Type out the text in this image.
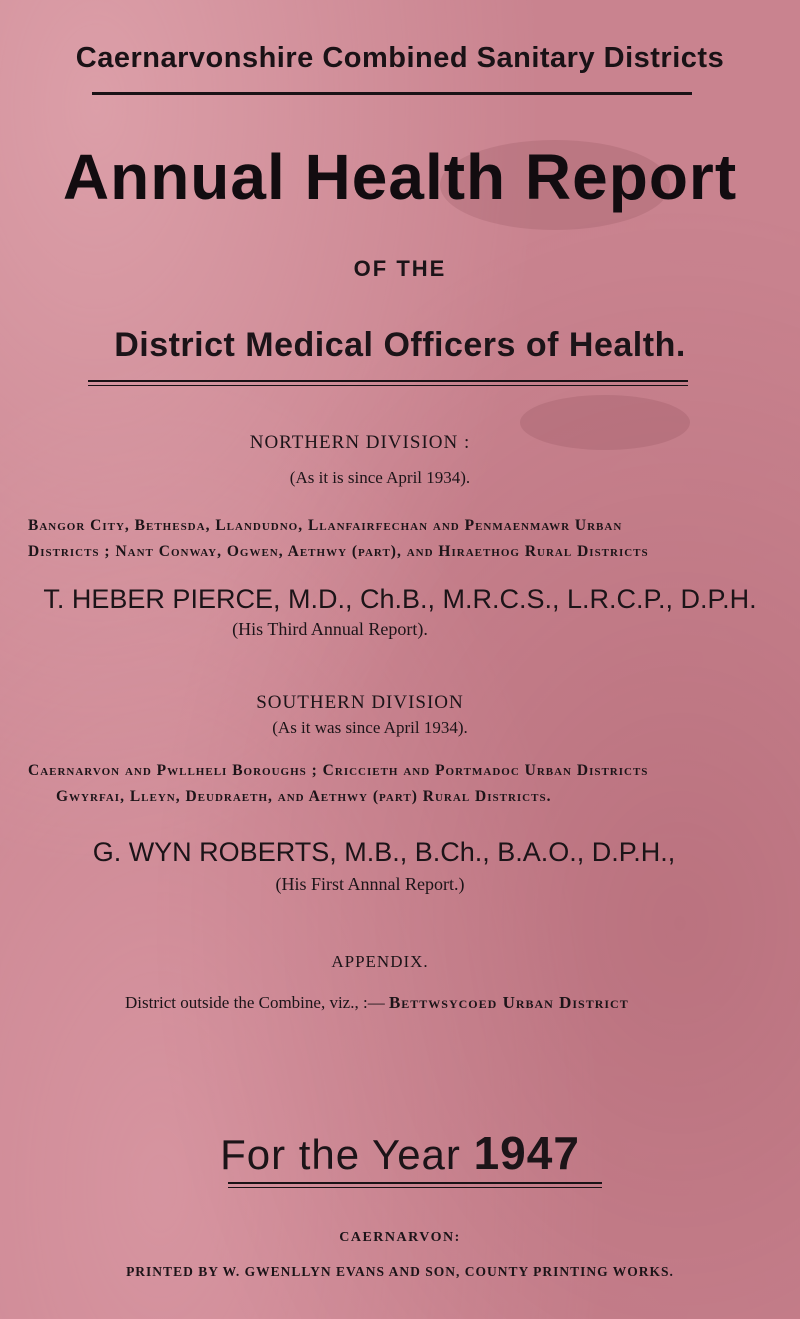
Caernarvonshire Combined Sanitary Districts
Annual Health Report
OF THE
District Medical Officers of Health.
NORTHERN DIVISION :
(As it is since April 1934).
Bangor City, Bethesda, Llandudno, Llanfairfechan and Penmaenmawr Urban
Districts ; Nant Conway, Ogwen, Aethwy (part), and Hiraethog Rural Districts
T. HEBER PIERCE, M.D., Ch.B., M.R.C.S., L.R.C.P., D.P.H.
(His Third Annual Report).
SOUTHERN DIVISION
(As it was since April 1934).
Caernarvon and Pwllheli Boroughs ; Criccieth and Portmadoc Urban Districts
Gwyrfai, Lleyn, Deudraeth, and Aethwy (part) Rural Districts.
G. WYN ROBERTS, M.B., B.Ch., B.A.O., D.P.H.,
(His First Annnal Report.)
APPENDIX.
District outside the Combine, viz., :— Bettwsycoed Urban District
For the Year 1947
CAERNARVON:
PRINTED BY W. GWENLLYN EVANS AND SON, COUNTY PRINTING WORKS.
